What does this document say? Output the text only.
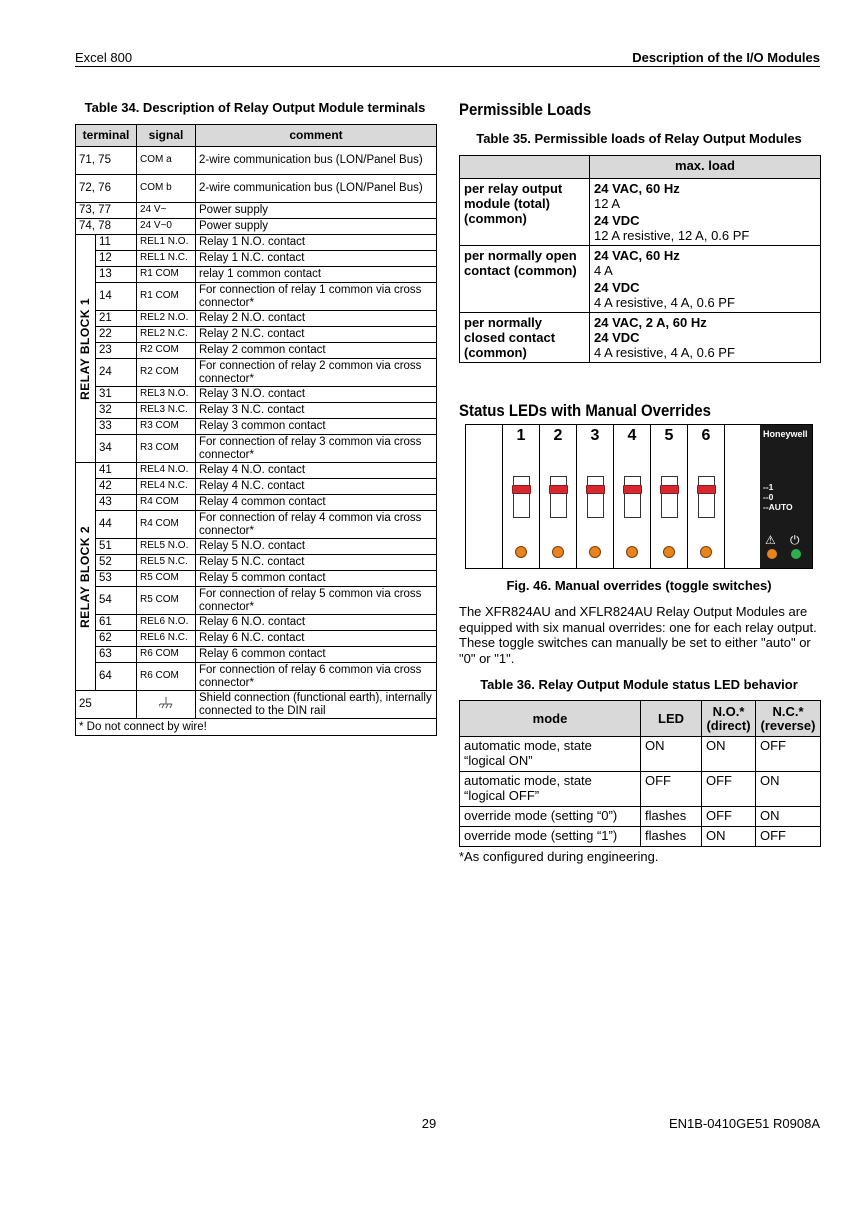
Excel 800	Description of the I/O Modules
Table 34. Description of Relay Output Module terminals
terminal		signal	comment
71, 75		COM a	2-wire communication bus (LON/Panel Bus)
72, 76		COM b	2-wire communication bus (LON/Panel Bus)
73, 77		24 V~	Power supply
74, 78		24 V~0	Power supply

RELAY BLOCK 1	11	REL1 N.O.	Relay 1 N.O. contact
	12	REL1 N.C.	Relay 1 N.C. contact
	13	R1 COM	relay 1 common contact
	14	R1 COM	For connection of relay 1 common via cross connector*
	21	REL2 N.O.	Relay 2 N.O. contact
	22	REL2 N.C.	Relay 2 N.C. contact
	23	R2 COM	Relay 2 common contact
	24	R2 COM	For connection of relay 2 common via cross connector*
	31	REL3 N.O.	Relay 3 N.O. contact
	32	REL3 N.C.	Relay 3 N.C. contact
	33	R3 COM	Relay 3 common contact
	34	R3 COM	For connection of relay 3 common via cross connector*

RELAY BLOCK 2	41	REL4 N.O.	Relay 4 N.O. contact
	42	REL4 N.C.	Relay 4 N.C. contact
	43	R4 COM	Relay 4 common contact
	44	R4 COM	For connection of relay 4 common via cross connector*
	51	REL5 N.O.	Relay 5 N.O. contact
	52	REL5 N.C.	Relay 5 N.C. contact
	53	R5 COM	Relay 5 common contact
	54	R5 COM	For connection of relay 5 common via cross connector*
	61	REL6 N.O.	Relay 6 N.O. contact
	62	REL6 N.C.	Relay 6 N.C. contact
	63	R6 COM	Relay 6 common contact
	64	R6 COM	For connection of relay 6 common via cross connector*
25			Shield connection (functional earth), internally connected to the DIN rail
* Do not connect by wire!			
Permissible Loads
Table 35. Permissible loads of Relay Output Modules
	max. load
per relay output module (total) (common)	24 VAC, 60 Hz
12 A
24 VDC
12 A resistive, 12 A, 0.6 PF

per normally open contact (common)	24 VAC, 60 Hz
4 A
24 VDC
4 A resistive, 4 A, 0.6 PF

per normally closed contact (common)	24 VAC, 2 A, 60 Hz
24 VDC
4 A resistive, 4 A, 0.6 PF
Status LEDs with Manual Overrides
1	2	3	4	5	6	Honeywell
--1
--0
--AUTO
⚠ ⏻
Fig. 46. Manual overrides (toggle switches)
The XFR824AU and XFLR824AU Relay Output Modules are equipped with six manual overrides: one for each relay output. These toggle switches can manually be set to either "auto" or "0" or "1".
Table 36. Relay Output Module status LED behavior
mode	LED	N.O.* (direct)	N.C.* (reverse)
automatic mode, state “logical ON”	ON	ON	OFF
automatic mode, state “logical OFF”	OFF	OFF	ON
override mode (setting “0”)	flashes	OFF	ON
override mode (setting “1”)	flashes	ON	OFF
*As configured during engineering.
29	EN1B-0410GE51 R0908A
